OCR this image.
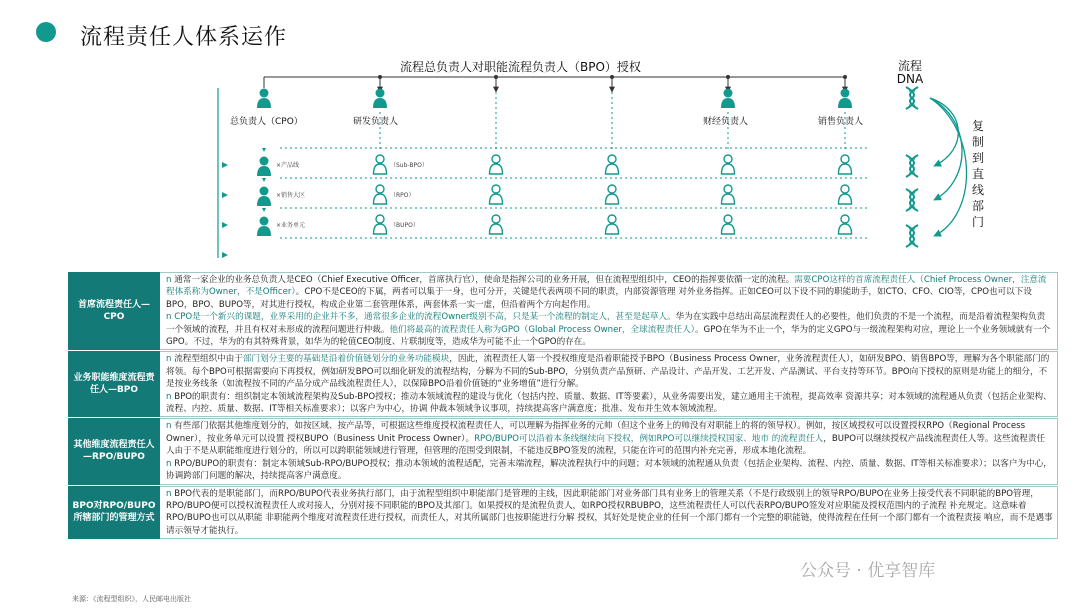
流程责任人体系运作
流程总负责人对职能流程负责人（BPO）授权	流程
DNA
复制到直线部门
总负责人（CPO）	研发负责人	财经负责人	销售负责人
×产品线
×销售大区
×业务单元
（Sub-BPO）
（RPO）
（BUPO）
首席流程责任人—CPO

n 通常一家企业的业务总负责人是CEO（Chief Executive Officer，首席执行官），使命是指挥公司的业务开展，但在流程型组织中，CEO的指挥要依循一定的流程。需要CPO这样的首席流程责任人（Chief Process Owner，注意流程体系称为Owner，不是Officer）。CPO不是CEO的下属，两者可以集于一身，也可分开，关键是代表两项不同的职责，内部资源管理 对外业务指挥。正如CEO可以下设不同的职能助手，如CTO、CFO、CIO等，CPO也可以下设BPO，BPO、BUPO等，对其进行授权，构成企业第二套管理体系，两套体系一实一虚，但沿着两个方向起作用。

n CPO是一个新兴的课题，业界采用的企业并不多，通常很多企业的流程Owner级别不高，只是某一个流程的制定人，甚至是起草人。华为在实践中总结出高层流程责任人的必要性，他们负责的不是一个流程，而是沿着流程架构负责一个领域的流程，并且有权对未形成的流程问题进行仲裁。他们将最高的流程责任人称为GPO（Global Process Owner，全球流程责任人）。GPO在华为不止一个，华为的定义GPO与一级流程架构对应，理论上一个业务领域就有一个GPO。不过，华为的有其特殊背景，如华为的轮值CEO制度、片联制度等，造成华为可能不止一个GPO的存在。

业务职能维度流程责任人—BPO

n 流程型组织中由于部门划分主要的基础是沿着价值链划分的业务功能模块，因此，流程责任人第一个授权维度是沿着职能授予BPO（Business Process Owner，业务流程责任人），如研发BPO、销售BPO等，理解为各个职能部门的将领。每个BPO可根据需要向下再授权，例如研发BPO可以细化研发的流程结构，分解为不同的Sub-BPO，分别负责产品预研、产品设计、产品开发、工艺开发、产品测试、平台支持等环节。BPO向下授权的原则是功能上的细分，不是按业务线条（如流程按不同的产品分成产品线流程责任人），以保障BPO沿着价值链的“业务增值”进行分解。

n BPO的职责有：组织制定本领域流程架构及Sub-BPO授权；推动本领域流程的建设与优化（包括内控、质量、数据、IT等要素），从业务需要出发，建立通用主干流程，提高效率 资源共享；对本领域的流程通从负责（包括企业架构、流程、内控、质量、数据、IT等相关标准要求）；以客户为中心，协调 仲裁本领域争议事项，持续提高客户满意度；批准、发布并生效本领域流程。

其他维度流程责任人—RPO/BUPO

n 有些部门依据其他维度划分的，如按区域、按产品等，可根据这些维度授权流程责任人，可以理解为指挥业务的元帅（但这个业务上的帅没有对职能上的将的领导权）。例如，按区域授权可以设置授权RPO（Regional Process Owner），按业务单元可以设置 授权BUPO（Business Unit Process Owner）。RPO/BUPO可以沿着本条线继续向下授权，例如RPO可以继续授权国家、地市 的流程责任人，BUPO可以继续授权产品线流程责任人等。这些流程责任人由于不是从职能维度进行划分的，所以可以跨职能领域进行管理，但管理的范围受到限制，不能违反BPO签发的流程，只能在许可的范围内补充完善，形成本地化流程。

n RPO/BUPO的职责有：制定本领域Sub-RPO/BUPO授权；推动本领域的流程适配，完善末端流程，解决流程执行中的问题；对本领域的流程通从负责（包括企业架构、流程、内控、质量、数据、IT等相关标准要求）；以客户为中心，协调跨部门问题的解决，持续提高客户满意度。

BPO对RPO/BUPO所辖部门的管理方式

n BPO代表的是职能部门，而RPO/BUPO代表业务执行部门，由于流程型组织中职能部门是管理的主线，因此职能部门对业务部门具有业务上的管理关系（不是行政级别上的领导RPO/BUPO在业务上接受代表不同职能的BPO管理，RPO/BUPO便可以授权流程责任人或对接人，分别对接不同职能的BPO及其部门。如果授权的是流程负责人，如RPO授权RBUBPO，这些流程责任人可以代表RPO/BUPO签发对应职能及授权范围内的子流程 补充规定。这意味着RPO/BUPO也可以从职能 非职能两个维度对流程责任进行授权，而责任人，对其所属部门也按职能进行分解 授权，其好处是使企业的任何一个部门都有一个完整的职能链，使得流程在任何一个部门都有一个流程责接 响应，而不是遇事请示领导才能执行。

来源：《流程型组织》，人民邮电出版社
公众号 · 优享智库
